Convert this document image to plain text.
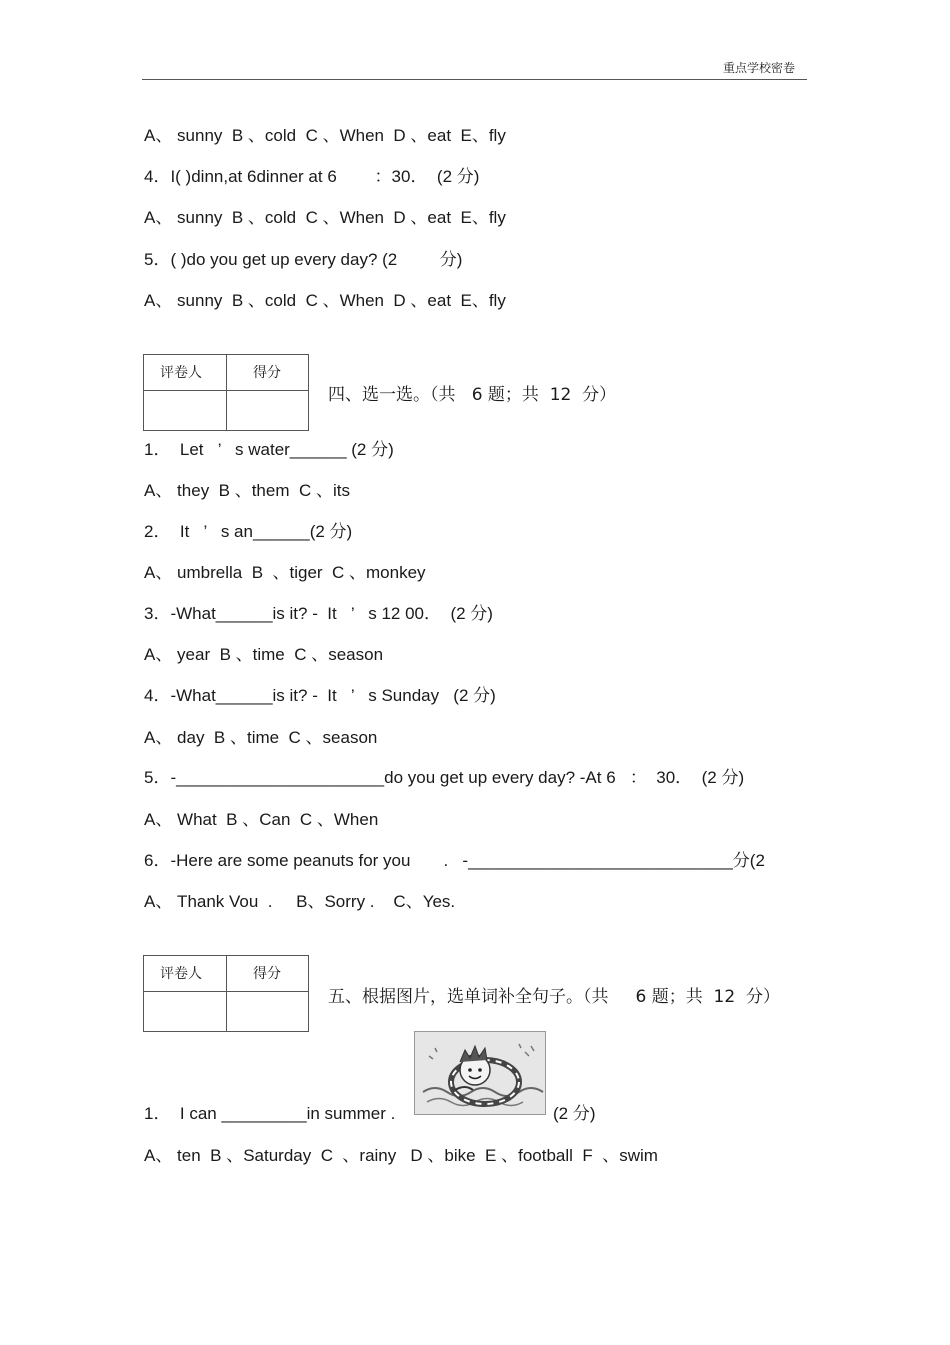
重点学校密卷
A、 sunny  B 、cold  C 、When  D 、eat  E、fly
4．I( )dinn,at 6dinner at 6        ：30．  (2 分)
A、 sunny  B 、cold  C 、When  D 、eat  E、fly
5．( )do you get up every day? (2         分)
A、 sunny  B 、cold  C 、When  D 、eat  E、fly
评卷人	得分
四、选一选。（共   6 题；共  12  分）
1．  Let   ’   s water______ (2 分)
A、 they  B 、them  C 、its
2．  It   ’   s an______(2 分)
A、 umbrella  B  、tiger  C 、monkey
3．-What______is it? -  It   ’   s 12 00．  (2 分)
A、 year  B 、time  C 、season
4．-What______is it? -  It   ’   s Sunday   (2 分)
A、 day  B 、time  C 、season
5．-______________________do you get up every day? -At 6   ：  30．  (2 分)
A、 What  B 、Can  C 、When
6．-Here are some peanuts for you       .   -____________________________分(2
A、 Thank Vou  .     B、Sorry .    C、Yes.
评卷人	得分
五、根据图片，选单词补全句子。（共     6 题；共  12  分）
1．  I can _________in summer .	(2 分)
A、 ten  B 、Saturday  C  、rainy   D 、bike  E 、football  F  、swim
